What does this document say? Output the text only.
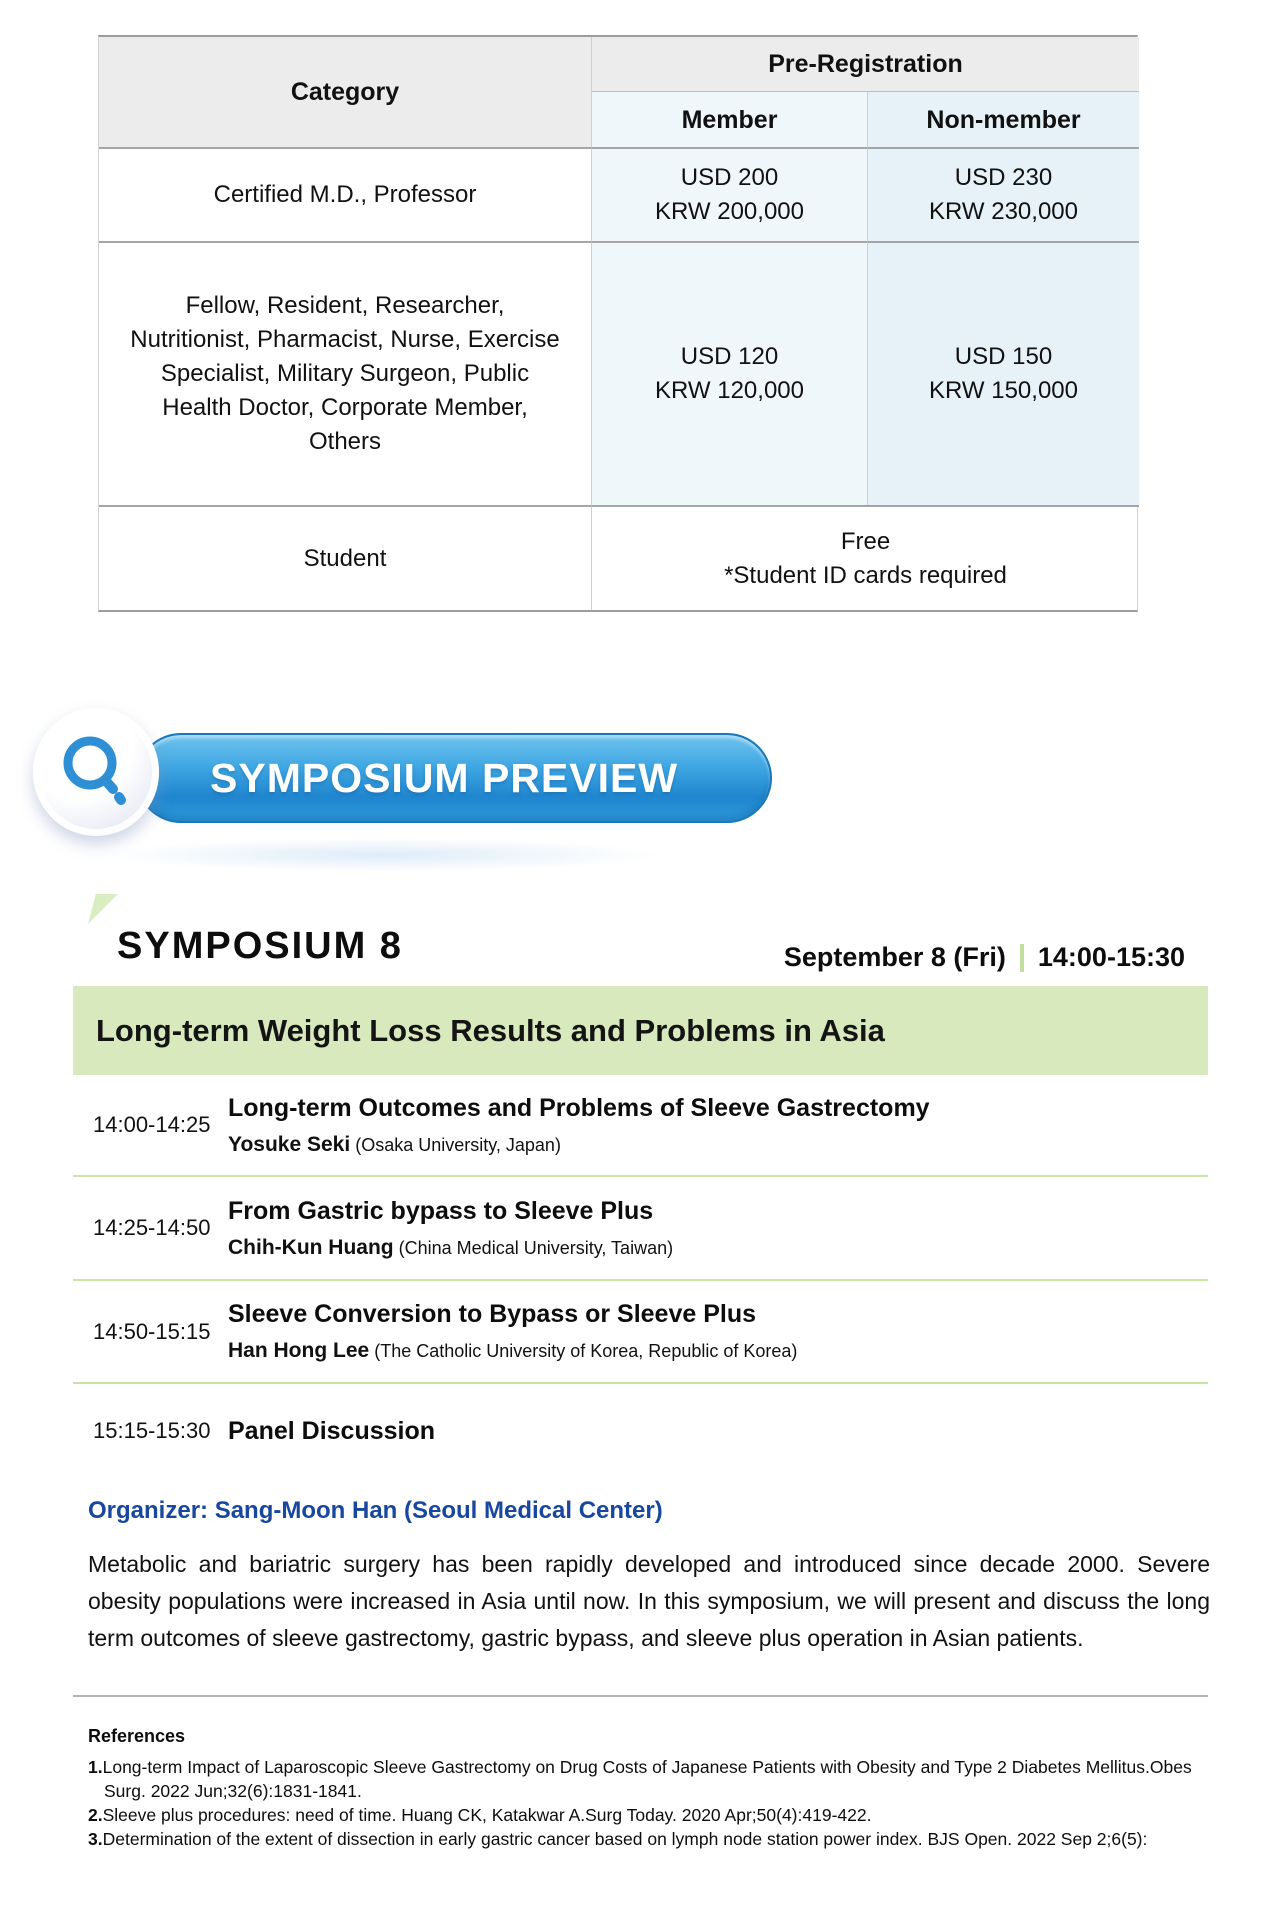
Category
Pre-Registration
Member	Non-member
Certified M.D., Professor
USD 200
KRW 200,000
USD 230
KRW 230,000
Fellow, Resident, Researcher, Nutritionist, Pharmacist, Nurse, Exercise Specialist, Military Surgeon, Public Health Doctor, Corporate Member, Others
USD 120
KRW 120,000
USD 150
KRW 150,000
Student
Free
*Student ID cards required
SYMPOSIUM PREVIEW
SYMPOSIUM 8	September 8 (Fri) 14:00-15:30
Long-term Weight Loss Results and Problems in Asia
14:00-14:25
Long-term Outcomes and Problems of Sleeve Gastrectomy
Yosuke Seki (Osaka University, Japan)
14:25-14:50
From Gastric bypass to Sleeve Plus
Chih-Kun Huang (China Medical University, Taiwan)
14:50-15:15
Sleeve Conversion to Bypass or Sleeve Plus
Han Hong Lee (The Catholic University of Korea, Republic of Korea)
15:15-15:30 Panel Discussion
Organizer: Sang-Moon Han (Seoul Medical Center)
Metabolic and bariatric surgery has been rapidly developed and introduced since decade 2000. Severe obesity populations were increased in Asia until now. In this symposium, we will present and discuss the long term outcomes of sleeve gastrectomy, gastric bypass, and sleeve plus operation in Asian patients.
References
1.Long-term Impact of Laparoscopic Sleeve Gastrectomy on Drug Costs of Japanese Patients with Obesity and Type 2 Diabetes Mellitus.Obes Surg. 2022 Jun;32(6):1831-1841.
2.Sleeve plus procedures: need of time. Huang CK, Katakwar A.Surg Today. 2020 Apr;50(4):419-422.
3.Determination of the extent of dissection in early gastric cancer based on lymph node station power index. BJS Open. 2022 Sep 2;6(5):
